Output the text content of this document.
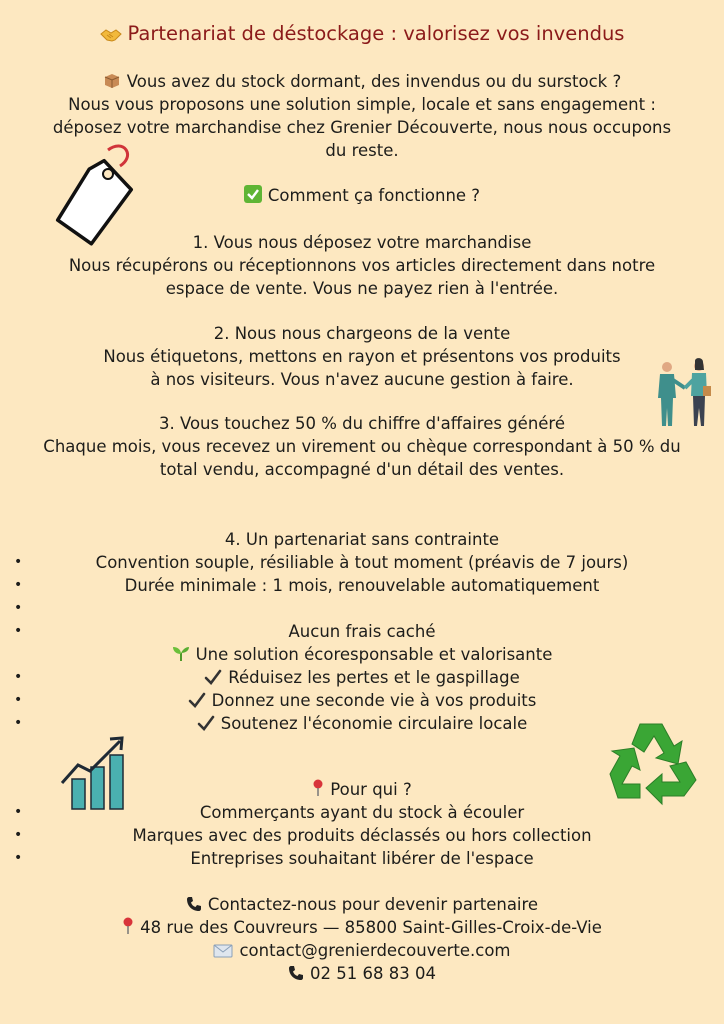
Partenariat de déstockage : valorisez vos invendus
Vous avez du stock dormant, des invendus ou du surstock ?
Nous vous proposons une solution simple, locale et sans engagement :
déposez votre marchandise chez Grenier Découverte, nous nous occupons
du reste.
Comment ça fonctionne ?
1. Vous nous déposez votre marchandise
Nous récupérons ou réceptionnons vos articles directement dans notre
espace de vente. Vous ne payez rien à l'entrée.
2. Nous nous chargeons de la vente
Nous étiquetons, mettons en rayon et présentons vos produits
à nos visiteurs. Vous n'avez aucune gestion à faire.
3. Vous touchez 50 % du chiffre d'affaires généré
Chaque mois, vous recevez un virement ou chèque correspondant à 50 % du
total vendu, accompagné d'un détail des ventes.
4. Un partenariat sans contrainte
•	Convention souple, résiliable à tout moment (préavis de 7 jours)
•	Durée minimale : 1 mois, renouvelable automatiquement
•
•	Aucun frais caché
Une solution écoresponsable et valorisante
•	Réduisez les pertes et le gaspillage
•	Donnez une seconde vie à vos produits
•	Soutenez l'économie circulaire locale
Pour qui ?
•	Commerçants ayant du stock à écouler
•	Marques avec des produits déclassés ou hors collection
•	Entreprises souhaitant libérer de l'espace
Contactez-nous pour devenir partenaire
48 rue des Couvreurs — 85800 Saint-Gilles-Croix-de-Vie
contact@grenierdecouverte.com
02 51 68 83 04
